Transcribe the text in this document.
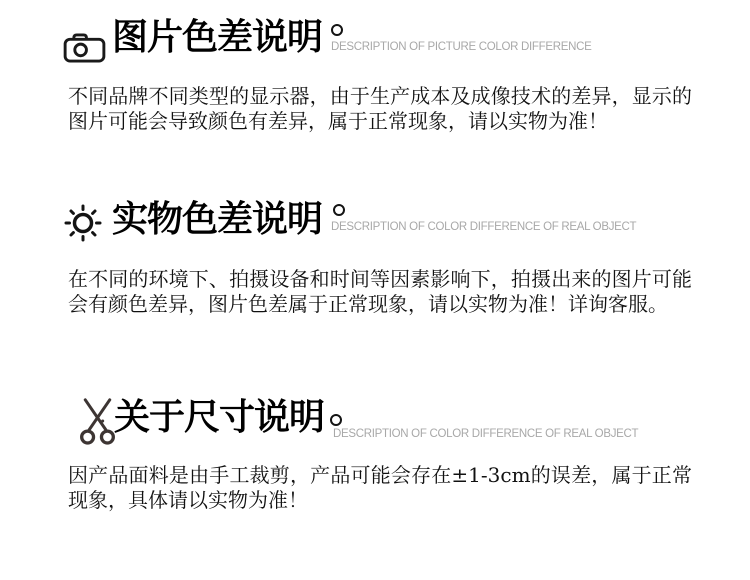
图片色差说明 DESCRIPTION OF PICTURE COLOR DIFFERENCE
不同品牌不同类型的显示器，由于生产成本及成像技术的差异，显示的图片可能会导致颜色有差异，属于正常现象，请以实物为准！
实物色差说明 DESCRIPTION OF COLOR DIFFERENCE OF REAL OBJECT
在不同的环境下、拍摄设备和时间等因素影响下，拍摄出来的图片可能会有颜色差异，图片色差属于正常现象，请以实物为准！详询客服。
关于尺寸说明 DESCRIPTION OF COLOR DIFFERENCE OF REAL OBJECT
因产品面料是由手工裁剪，产品可能会存在±1-3cm的误差，属于正常现象，具体请以实物为准！
